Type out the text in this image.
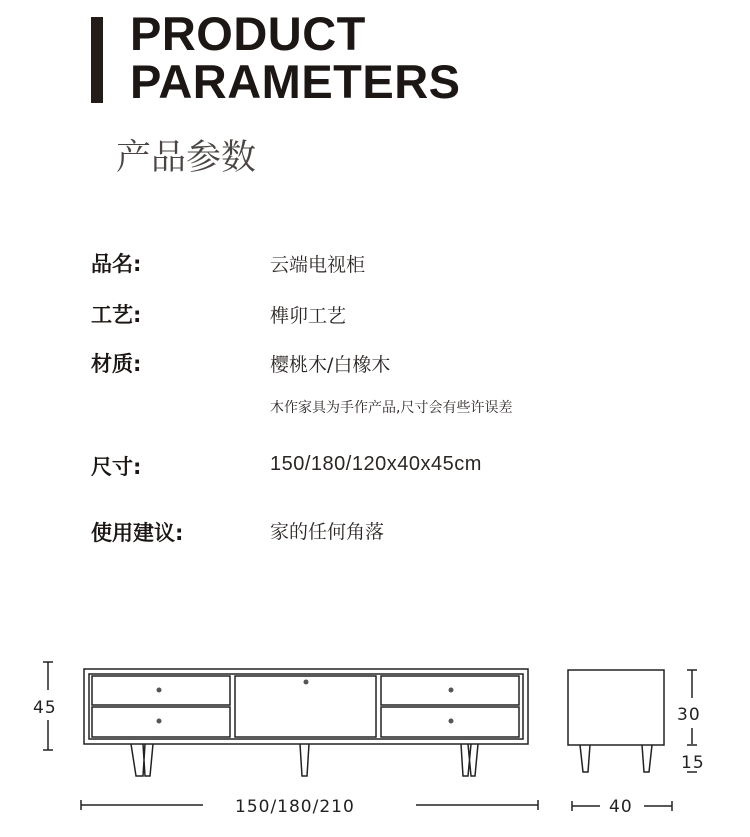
PRODUCT
PARAMETERS
产品参数
品名:	云端电视柜
工艺:	榫卯工艺
材质:	樱桃木/白橡木
木作家具为手作产品,尺寸会有些许误差
尺寸:	150/180/120x40x45cm
使用建议:	家的任何角落
45
150/180/210
30
15
40
